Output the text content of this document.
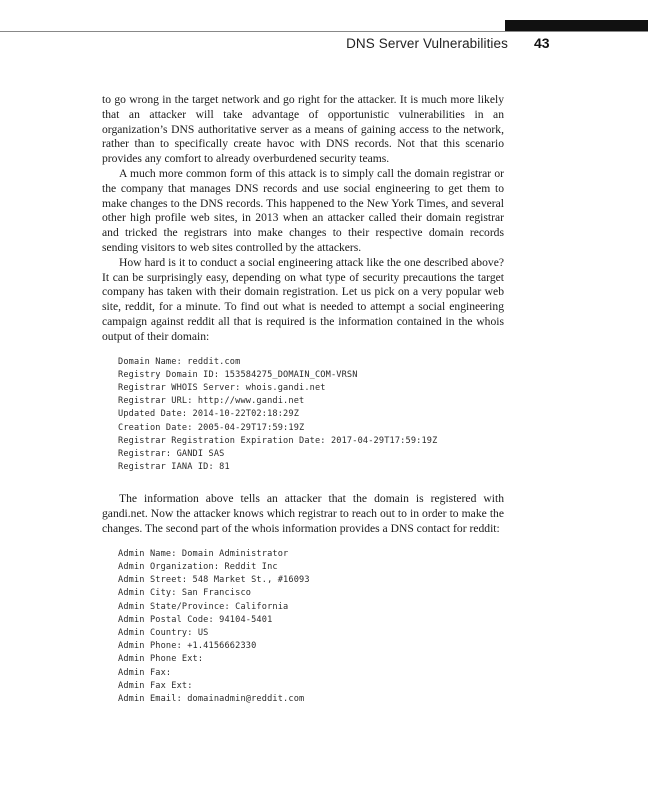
DNS Server Vulnerabilities 43

to go wrong in the target network and go right for the attacker. It is much more likely that an attacker will take advantage of opportunistic vulnerabilities in an organization’s DNS authoritative server as a means of gaining access to the network, rather than to specifically create havoc with DNS records. Not that this scenario provides any comfort to already overburdened security teams.

A much more common form of this attack is to simply call the domain registrar or the company that manages DNS records and use social engineering to get them to make changes to the DNS records. This happened to the New York Times, and several other high profile web sites, in 2013 when an attacker called their domain registrar and tricked the registrars into make changes to their respective domain records sending visitors to web sites controlled by the attackers.

How hard is it to conduct a social engineering attack like the one described above? It can be surprisingly easy, depending on what type of security precautions the target company has taken with their domain registration. Let us pick on a very popular web site, reddit, for a minute. To find out what is needed to attempt a social engineering campaign against reddit all that is required is the information contained in the whois output of their domain:

Domain Name: reddit.com
Registry Domain ID: 153584275_DOMAIN_COM-VRSN
Registrar WHOIS Server: whois.gandi.net
Registrar URL: http://www.gandi.net
Updated Date: 2014-10-22T02:18:29Z
Creation Date: 2005-04-29T17:59:19Z
Registrar Registration Expiration Date: 2017-04-29T17:59:19Z
Registrar: GANDI SAS
Registrar IANA ID: 81

The information above tells an attacker that the domain is registered with gandi.net. Now the attacker knows which registrar to reach out to in order to make the changes. The second part of the whois information provides a DNS contact for reddit:

Admin Name: Domain Administrator
Admin Organization: Reddit Inc
Admin Street: 548 Market St., #16093
Admin City: San Francisco
Admin State/Province: California
Admin Postal Code: 94104-5401
Admin Country: US
Admin Phone: +1.4156662330
Admin Phone Ext:
Admin Fax:
Admin Fax Ext:
Admin Email: domainadmin@reddit.com
